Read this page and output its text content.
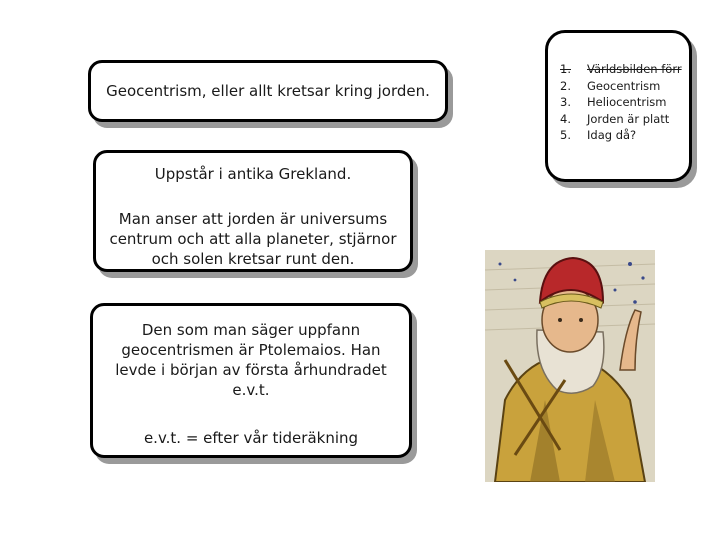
Geocentrism, eller allt kretsar kring jorden.
Uppstår i antika Grekland.
Man anser att jorden är universums centrum och att alla planeter, stjärnor och solen kretsar runt den.
Den som man säger uppfann geocentrismen är Ptolemaios. Han levde i början av första århundradet e.v.t.
e.v.t. = efter vår tideräkning
1.	Världsbilden förr
2.	Geocentrism
3.	Heliocentrism
4.	Jorden är platt
5.	Idag då?
